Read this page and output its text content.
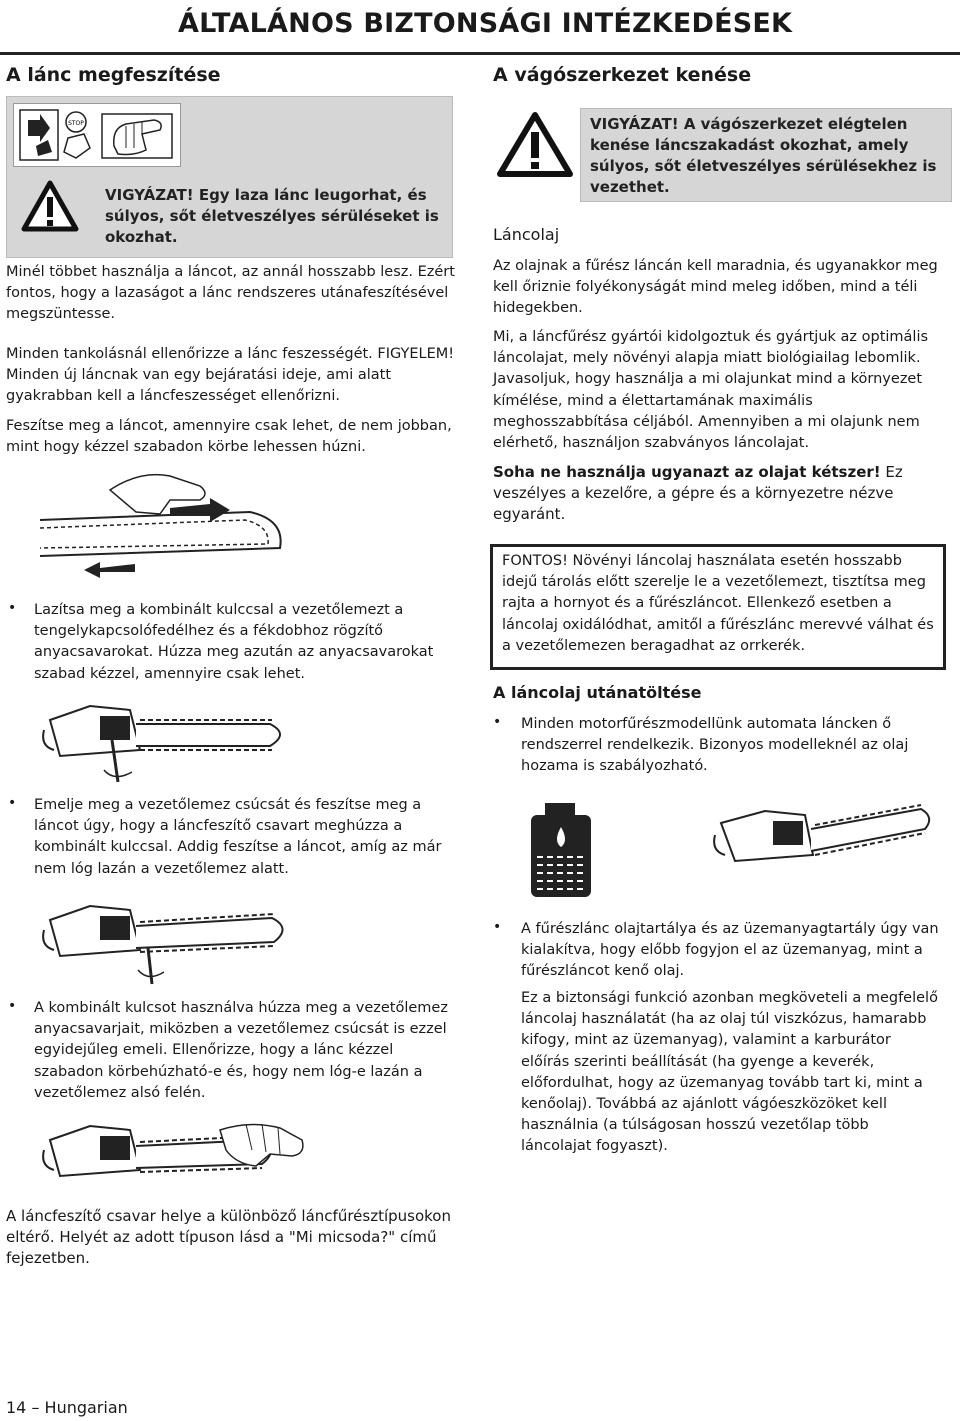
ÁLTALÁNOS BIZTONSÁGI INTÉZKEDÉSEK
A lánc megfeszítése
STOP
VIGYÁZAT! Egy laza lánc leugorhat, és súlyos, sőt életveszélyes sérüléseket is okozhat.
Minél többet használja a láncot, az annál hosszabb lesz. Ezért fontos, hogy a lazaságot a lánc rendszeres utánafeszítésével megszüntesse.
Minden tankolásnál ellenőrizze a lánc feszességét. FIGYELEM! Minden új láncnak van egy bejáratási ideje, ami alatt gyakrabban kell a láncfeszességet ellenőrizni.
Feszítse meg a láncot, amennyire csak lehet, de nem jobban, mint hogy kézzel szabadon körbe lehessen húzni.
• Lazítsa meg a kombinált kulccsal a vezetőlemezt a tengelykapcsolófedélhez és a fékdobhoz rögzítő anyacsavarokat. Húzza meg azután az anyacsavarokat szabad kézzel, amennyire csak lehet.
• Emelje meg a vezetőlemez csúcsát és feszítse meg a láncot úgy, hogy a láncfeszítő csavart meghúzza a kombinált kulccsal. Addig feszítse a láncot, amíg az már nem lóg lazán a vezetőlemez alatt.
• A kombinált kulcsot használva húzza meg a vezetőlemez anyacsavarjait, miközben a vezetőlemez csúcsát is ezzel egyidejűleg emeli. Ellenőrizze, hogy a lánc kézzel szabadon körbehúzható-e és, hogy nem lóg-e lazán a vezetőlemez alsó felén.
A láncfeszítő csavar helye a különböző láncfűrésztípusokon eltérő. Helyét az adott típuson lásd a "Mi micsoda?" című fejezetben.
A vágószerkezet kenése
VIGYÁZAT! A vágószerkezet elégtelen kenése láncszakadást okozhat, amely súlyos, sőt életveszélyes sérülésekhez is vezethet.
Láncolaj
Az olajnak a fűrész láncán kell maradnia, és ugyanakkor meg kell őriznie folyékonyságát mind meleg időben, mind a téli hidegekben.
Mi, a láncfűrész gyártói kidolgoztuk és gyártjuk az optimális láncolajat, mely növényi alapja miatt biológiailag lebomlik. Javasoljuk, hogy használja a mi olajunkat mind a környezet kímélése, mind a élettartamának maximális meghosszabbítása céljából. Amennyiben a mi olajunk nem elérhető, használjon szabványos láncolajat.
Soha ne használja ugyanazt az olajat kétszer! Ez veszélyes a kezelőre, a gépre és a környezetre nézve egyaránt.
FONTOS! Növényi láncolaj használata esetén hosszabb idejű tárolás előtt szerelje le a vezetőlemezt, tisztítsa meg rajta a hornyot és a fűrészláncot. Ellenkező esetben a láncolaj oxidálódhat, amitől a fűrészlánc merevvé válhat és a vezetőlemezen beragadhat az orrkerék.
A láncolaj utánatöltése
• Minden motorfűrészmodellünk automata láncken ő rendszerrel rendelkezik. Bizonyos modelleknél az olaj hozama is szabályozható.
• A fűrészlánc olajtartálya és az üzemanyagtartály úgy van kialakítva, hogy előbb fogyjon el az üzemanyag, mint a fűrészláncot kenő olaj.
Ez a biztonsági funkció azonban megköveteli a megfelelő láncolaj használatát (ha az olaj túl viszkózus, hamarabb kifogy, mint az üzemanyag), valamint a karburátor előírás szerinti beállítását (ha gyenge a keverék, előfordulhat, hogy az üzemanyag tovább tart ki, mint a kenőolaj). Továbbá az ajánlott vágóeszközöket kell használnia (a túlságosan hosszú vezetőlap több láncolajat fogyaszt).
14 – Hungarian
